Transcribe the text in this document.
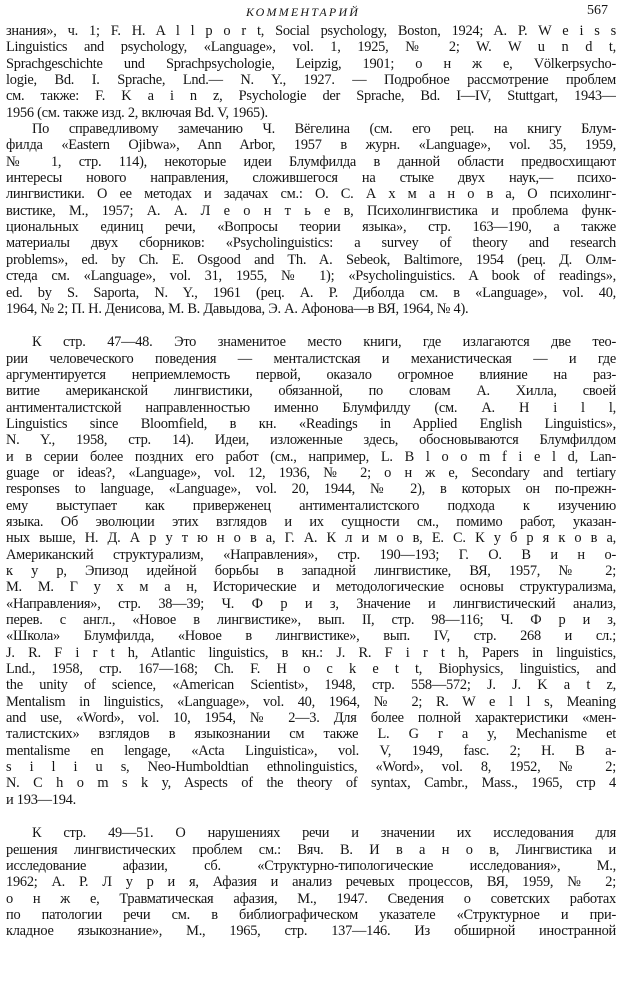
КОММЕНТАРИЙ	567
знания», ч. 1; F. H. A l l p o r t, Social psychology, Boston, 1924; A. P. W e i s s
Linguistics and psychology, «Language», vol. 1, 1925, № 2; W. W u n d t,
Sprachgeschichte und Sprachpsychologie, Leipzig, 1901; о н ж е, Völkerpsycho-
logie, Bd. I. Sprache, Lnd.— N. Y., 1927. — Подробное рассмотрение проблем
см. также: F. K a i n z, Psychologie der Sprache, Bd. I—IV, Stuttgart, 1943—
1956 (см. также изд. 2, включая Bd. V, 1965).
По справедливому замечанию Ч. Вёгелина (см. его рец. на книгу Блум-
филда «Eastern Ojibwa», Ann Arbor, 1957 в журн. «Language», vol. 35, 1959,
№ 1, стр. 114), некоторые идеи Блумфилда в данной области предвосхищают
интересы нового направления, сложившегося на стыке двух наук,— психо-
лингвистики. О ее методах и задачах см.: О. С. А х м а н о в а, О психолинг-
вистике, М., 1957; А. А. Л е о н т ь е в, Психолингвистика и проблема функ-
циональных единиц речи, «Вопросы теории языка», стр. 163—190, а также
материалы двух сборников: «Psycholinguistics: a survey of theory and research
problems», ed. by Ch. E. Osgood and Th. A. Sebeok, Baltimore, 1954 (рец. Д. Олм-
стеда см. «Language», vol. 31, 1955, № 1); «Psycholinguistics. A book of readings»,
ed. by S. Saporta, N. Y., 1961 (рец. А. Р. Диболда см. в «Language», vol. 40,
1964, № 2; П. Н. Денисова, М. В. Давыдова, Э. А. Афонова—в ВЯ, 1964, № 4).
К стр. 47—48. Это знаменитое место книги, где излагаются две тео-
рии человеческого поведения — менталистская и механистическая — и где
аргументируется неприемлемость первой, оказало огромное влияние на раз-
витие американской лингвистики, обязанной, по словам А. Хилла, своей
антименталистской направленностью именно Блумфилду (см. A. H i l l,
Linguistics since Bloomfield, в кн. «Readings in Applied English Linguistics»,
N. Y., 1958, стр. 14). Идеи, изложенные здесь, обосновываются Блумфилдом
и в серии более поздних его работ (см., например, L. B l o o m f i e l d, Lan-
guage or ideas?, «Language», vol. 12, 1936, № 2; о н ж е, Secondary and tertiary
responses to language, «Language», vol. 20, 1944, № 2), в которых он по-прежн-
ему выступает как приверженец антименталистского подхода к изучению
языка. Об эволюции этих взглядов и их сущности см., помимо работ, указан-
ных выше, Н. Д. А р у т ю н о в а, Г. А. К л и м о в, Е. С. К у б р я к о в а,
Американский структурализм, «Направления», стр. 190—193; Г. О. В и н о-
к у р, Эпизод идейной борьбы в западной лингвистике, ВЯ, 1957, № 2;
М. М. Г у х м а н, Исторические и методологические основы структурализма,
«Направления», стр. 38—39; Ч. Ф р и з, Значение и лингвистический анализ,
перев. с англ., «Новое в лингвистике», вып. II, стр. 98—116; Ч. Ф р и з,
«Школа» Блумфилда, «Новое в лингвистике», вып. IV, стр. 268 и сл.;
J. R. F i r t h, Atlantic linguistics, в кн.: J. R. F i r t h, Papers in linguistics,
Lnd., 1958, стр. 167—168; Ch. F. H o c k e t t, Biophysics, linguistics, and
the unity of science, «American Scientist», 1948, стр. 558—572; J. J. K a t z,
Mentalism in linguistics, «Language», vol. 40, 1964, № 2; R. W e l l s, Meaning
and use, «Word», vol. 10, 1954, № 2—3. Для более полной характеристики «мен-
талистских» взглядов в языкознании см также L. G r a y, Mechanisme et
mentalisme en lengage, «Acta Linguistica», vol. V, 1949, fasc. 2; H. B a-
s i l i u s, Neo-Humboldtian ethnolinguistics, «Word», vol. 8, 1952, № 2;
N. C h o m s k y, Aspects of the theory of syntax, Cambr., Mass., 1965, стр 4
и 193—194.
К стр. 49—51. О нарушениях речи и значении их исследования для
решения лингвистических проблем см.: Вяч. В. И в а н о в, Лингвистика и
исследование афазии, сб. «Структурно-типологические исследования», М.,
1962; А. Р. Л у р и я, Афазия и анализ речевых процессов, ВЯ, 1959, № 2;
о н ж е, Травматическая афазия, М., 1947. Сведения о советских работах
по патологии речи см. в библиографическом указателе «Структурное и при-
кладное языкознание», М., 1965, стр. 137—146. Из обширной иностранной
